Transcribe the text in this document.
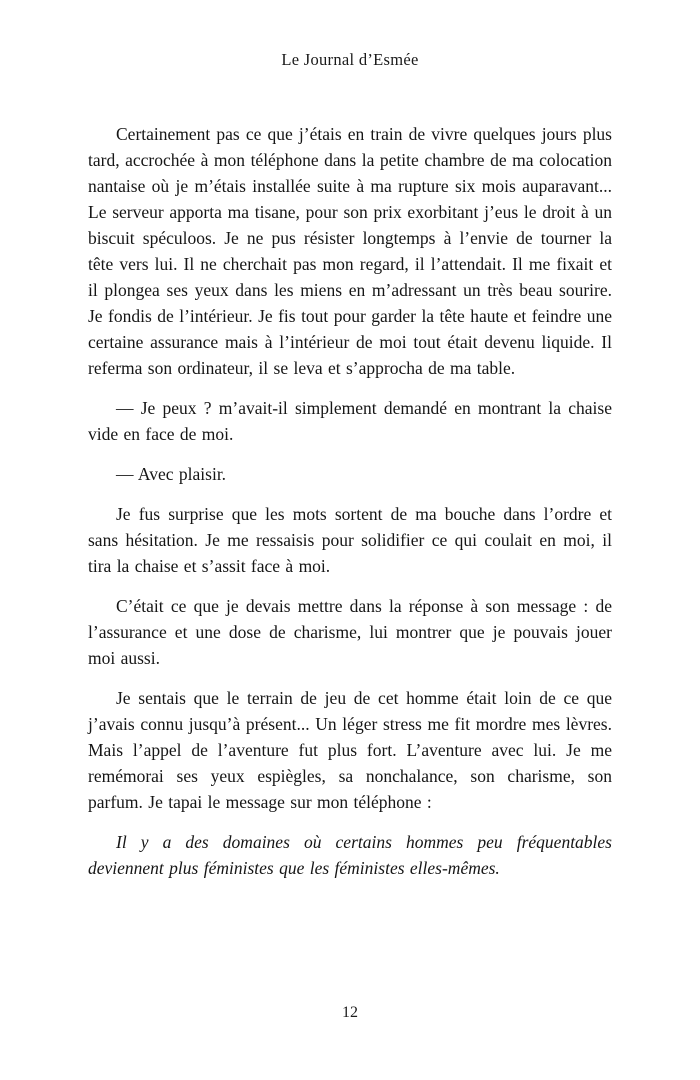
Le Journal d’Esmée

Certainement pas ce que j’étais en train de vivre quelques jours plus tard, accrochée à mon téléphone dans la petite chambre de ma colocation nantaise où je m’étais installée suite à ma rupture six mois auparavant... Le serveur apporta ma tisane, pour son prix exorbitant j’eus le droit à un biscuit spéculoos. Je ne pus résister longtemps à l’envie de tourner la tête vers lui. Il ne cherchait pas mon regard, il l’attendait. Il me fixait et il plongea ses yeux dans les miens en m’adressant un très beau sourire. Je fondis de l’intérieur. Je fis tout pour garder la tête haute et feindre une certaine assurance mais à l’intérieur de moi tout était devenu liquide. Il referma son ordinateur, il se leva et s’approcha de ma table.

— Je peux ? m’avait-il simplement demandé en montrant la chaise vide en face de moi.

— Avec plaisir.

Je fus surprise que les mots sortent de ma bouche dans l’ordre et sans hésitation. Je me ressaisis pour solidifier ce qui coulait en moi, il tira la chaise et s’assit face à moi.

C’était ce que je devais mettre dans la réponse à son message : de l’assurance et une dose de charisme, lui montrer que je pouvais jouer moi aussi.

Je sentais que le terrain de jeu de cet homme était loin de ce que j’avais connu jusqu’à présent... Un léger stress me fit mordre mes lèvres. Mais l’appel de l’aventure fut plus fort. L’aventure avec lui. Je me remémorai ses yeux espiègles, sa nonchalance, son charisme, son parfum. Je tapai le message sur mon téléphone :

Il y a des domaines où certains hommes peu fréquentables deviennent plus féministes que les féministes elles-mêmes.

12
